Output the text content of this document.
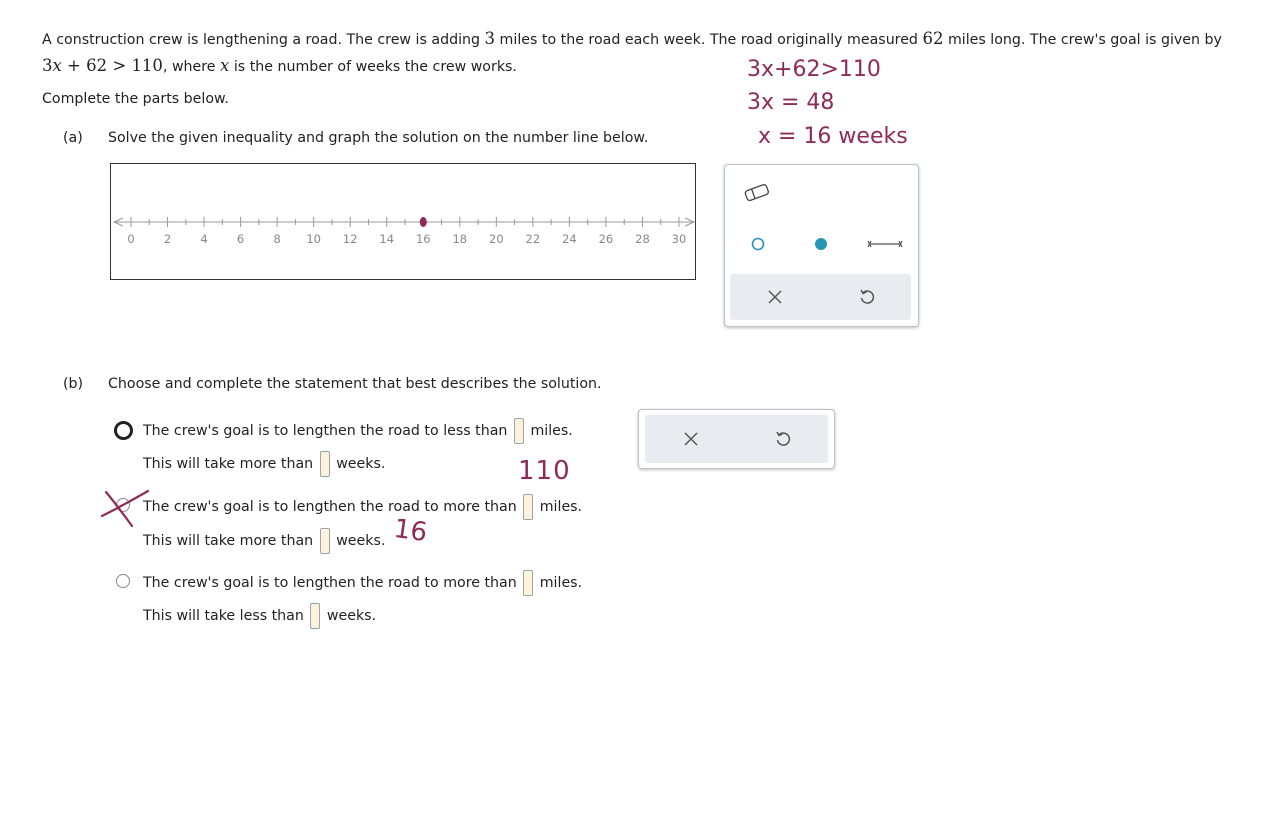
A construction crew is lengthening a road. The crew is adding 3 miles to the road each week. The road originally measured 62 miles long. The crew's goal is given by 3x + 62 > 110, where x is the number of weeks the crew works.
Complete the parts below.
(a) Solve the given inequality and graph the solution on the number line below.
0	2	4	6	8 10 12 14 16 18 20 22 24 26 28 30
(b) Choose and complete the statement that best describes the solution.
The crew's goal is to lengthen the road to less than miles.
This will take more than weeks.
The crew's goal is to lengthen the road to more than miles.
This will take more than weeks.
The crew's goal is to lengthen the road to more than miles.
This will take less than weeks.
3x+62>110
3x = 48
x = 16 weeks
110
16
